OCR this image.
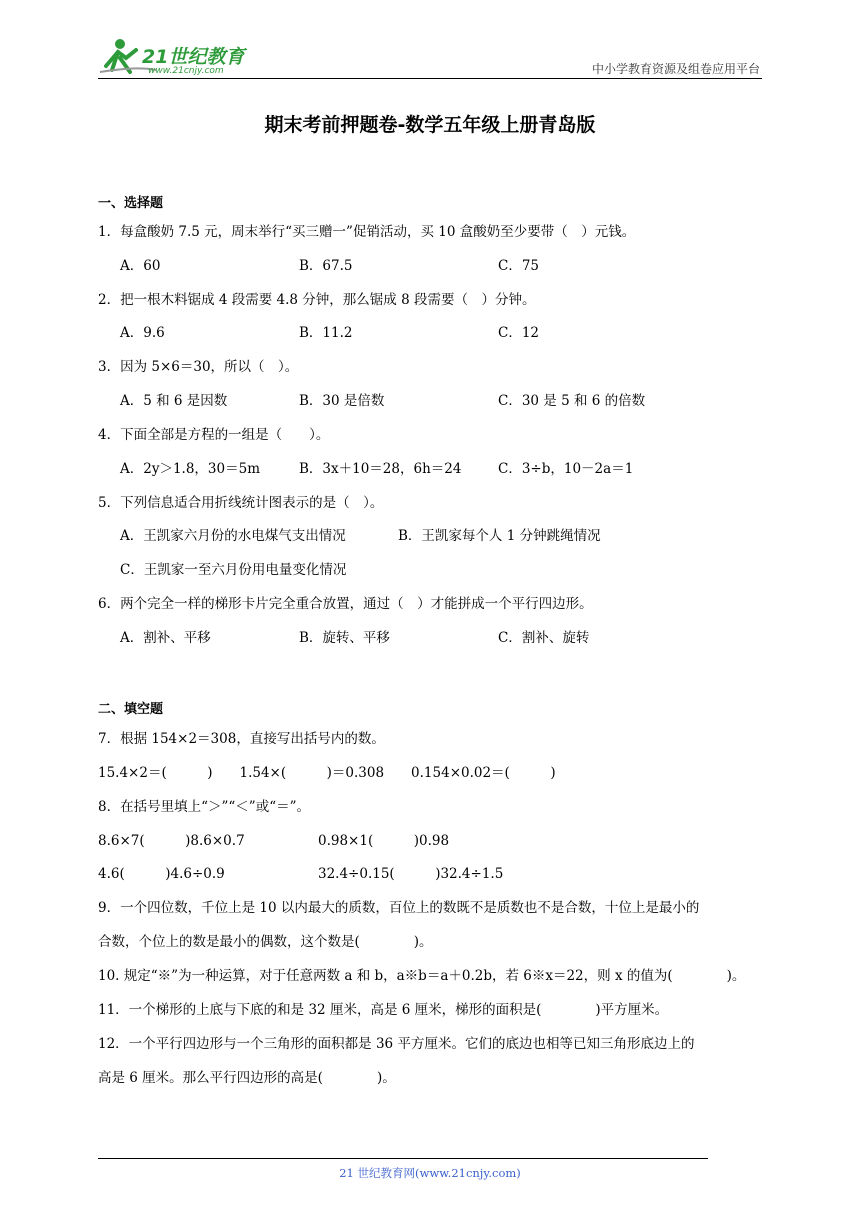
21世纪教育
www.21cnjy.com	中小学教育资源及组卷应用平台
期末考前押题卷-数学五年级上册青岛版
一、选择题
1．每盒酸奶 7.5 元，周末举行“买三赠一”促销活动，买 10 盒酸奶至少要带（　）元钱。
A．60	B．67.5	C．75
2．把一根木料锯成 4 段需要 4.8 分钟，那么锯成 8 段需要（　）分钟。
A．9.6	B．11.2	C．12
3．因为 5×6＝30，所以（　）。
A．5 和 6 是因数	B．30 是倍数	C．30 是 5 和 6 的倍数
4．下面全部是方程的一组是（　　）。
A．2y＞1.8，30＝5m	B．3x＋10＝28，6h＝24	C．3÷b，10－2a＝1
5．下列信息适合用折线统计图表示的是（　）。
A．王凯家六月份的水电煤气支出情况	B．王凯家每个人 1 分钟跳绳情况
C．王凯家一至六月份用电量变化情况
6．两个完全一样的梯形卡片完全重合放置，通过（　）才能拼成一个平行四边形。
A．割补、平移	B．旋转、平移	C．割补、旋转
二、填空题
7．根据 154×2＝308，直接写出括号内的数。
15.4×2＝(　　　)　　1.54×(　　　)＝0.308　　0.154×0.02＝(　　　)
8．在括号里填上“＞”“＜”或“＝”。
8.6×7(　　　)8.6×0.7	0.98×1(　　　)0.98
4.6(　　　)4.6÷0.9	32.4÷0.15(　　　)32.4÷1.5
9．一个四位数，千位上是 10 以内最大的质数，百位上的数既不是质数也不是合数，十位上是最小的
合数，个位上的数是最小的偶数，这个数是(　　　　)。
10. 规定“※”为一种运算，对于任意两数 a 和 b，a※b＝a＋0.2b，若 6※x＝22，则 x 的值为(　　　　)。
11．一个梯形的上底与下底的和是 32 厘米，高是 6 厘米，梯形的面积是(　　　　)平方厘米。
12．一个平行四边形与一个三角形的面积都是 36 平方厘米。它们的底边也相等已知三角形底边上的
高是 6 厘米。那么平行四边形的高是(　　　　)。
21 世纪教育网(www.21cnjy.com)
